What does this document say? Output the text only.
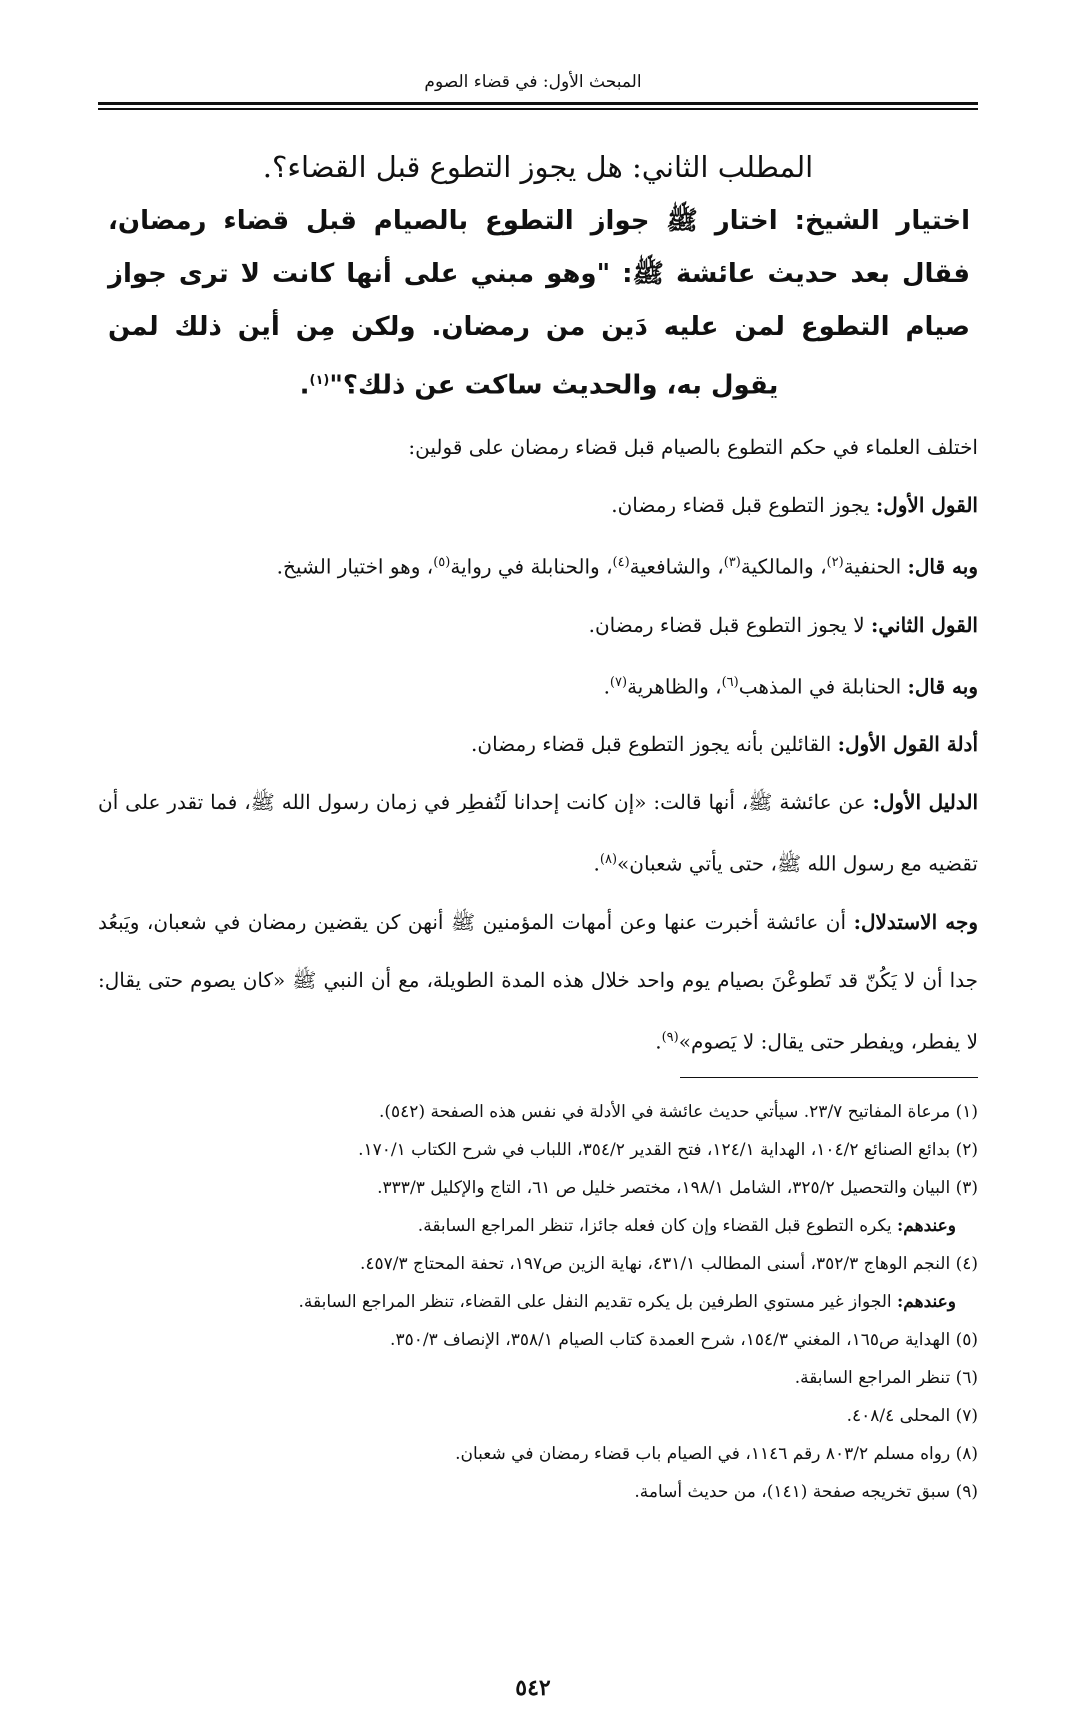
المبحث الأول: في قضاء الصوم
المطلب الثاني: هل يجوز التطوع قبل القضاء؟.
اختيار الشيخ: اختار ﷺ جواز التطوع بالصيام قبل قضاء رمضان، فقال بعد حديث عائشة ﷺ: "وهو مبني على أنها كانت لا ترى جواز صيام التطوع لمن عليه دَين من رمضان. ولكن مِن أين ذلك لمن يقول به، والحديث ساكت عن ذلك؟"$^{(١)}$.

اختلف العلماء في حكم التطوع بالصيام قبل قضاء رمضان على قولين:

القول الأول: يجوز التطوع قبل قضاء رمضان.

وبه قال: الحنفية$^{(٢)}$، والمالكية$^{(٣)}$، والشافعية$^{(٤)}$، والحنابلة في رواية$^{(٥)}$، وهو اختيار الشيخ.

القول الثاني: لا يجوز التطوع قبل قضاء رمضان.

وبه قال: الحنابلة في المذهب$^{(٦)}$، والظاهرية$^{(٧)}$.

أدلة القول الأول: القائلين بأنه يجوز التطوع قبل قضاء رمضان.

الدليل الأول: عن عائشة ﷺ، أنها قالت: «إن كانت إحدانا لَتُفطِر في زمان رسول الله ﷺ، فما تقدر على أن تقضيه مع رسول الله ﷺ، حتى يأتي شعبان»$^{(٨)}$.

وجه الاستدلال: أن عائشة أخبرت عنها وعن أمهات المؤمنين ﷺ أنهن كن يقضين رمضان في شعبان، ويَبعُد جدا أن لا يَكُنّ قد تَطوعْنَ بصيام يوم واحد خلال هذه المدة الطويلة، مع أن النبي ﷺ «كان يصوم حتى يقال: لا يفطر، ويفطر حتى يقال: لا يَصوم»$^{(٩)}$.

(١) مرعاة المفاتيح ٧/‏٢٣. سيأتي حديث عائشة في الأدلة في نفس هذه الصفحة (٥٤٢).

(٢) بدائع الصنائع ٢/‏١٠٤، الهداية ١/‏١٢٤، فتح القدير ٢/‏٣٥٤، اللباب في شرح الكتاب ١/‏١٧٠.

(٣) البيان والتحصيل ٢/‏٣٢٥، الشامل ١/‏١٩٨، مختصر خليل ص ٦١، التاج والإكليل ٣/‏٣٣٣.

وعندهم: يكره التطوع قبل القضاء وإن كان فعله جائزا، تنظر المراجع السابقة.

(٤) النجم الوهاج ٣/‏٣٥٢، أسنى المطالب ١/‏٤٣١، نهاية الزين ص١٩٧، تحفة المحتاج ٣/‏٤٥٧.

وعندهم: الجواز غير مستوي الطرفين بل يكره تقديم النفل على القضاء، تنظر المراجع السابقة.

(٥) الهداية ص١٦٥، المغني ٣/‏١٥٤، شرح العمدة كتاب الصيام ١/‏٣٥٨، الإنصاف ٣/‏٣٥٠.

(٦) تنظر المراجع السابقة.

(٧) المحلى ٤/‏٤٠٨.

(٨) رواه مسلم ٢/‏٨٠٣ رقم ١١٤٦، في الصيام باب قضاء رمضان في شعبان.

(٩) سبق تخريجه صفحة (١٤١)، من حديث أسامة.

٥٤٢
